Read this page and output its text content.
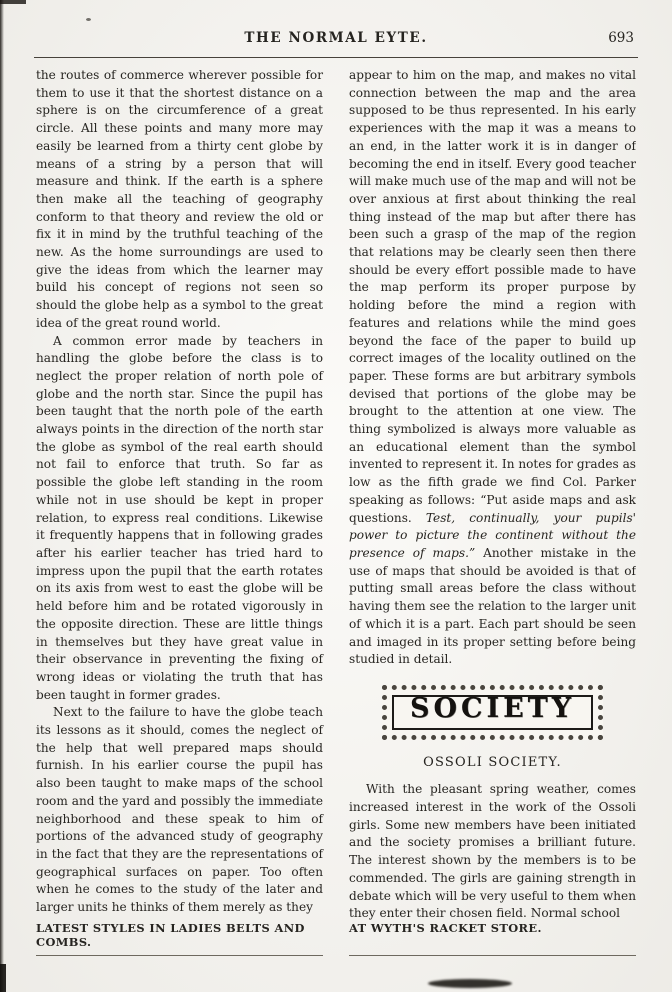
THE NORMAL EYTE.	693

the routes of commerce wherever possible for them to use it that the shortest distance on a sphere is on the circumference of a great circle. All these points and many more may easily be learned from a thirty cent globe by means of a string by a person that will measure and think. If the earth is a sphere then make all the teaching of geography conform to that theory and review the old or fix it in mind by the truthful teaching of the new. As the home surroundings are used to give the ideas from which the learner may build his concept of regions not seen so should the globe help as a symbol to the great idea of the great round world.

A common error made by teachers in handling the globe before the class is to neglect the proper relation of north pole of globe and the north star. Since the pupil has been taught that the north pole of the earth always points in the direction of the north star the globe as symbol of the real earth should not fail to enforce that truth. So far as possible the globe left standing in the room while not in use should be kept in proper relation, to express real conditions. Likewise it frequently happens that in following grades after his earlier teacher has tried hard to impress upon the pupil that the earth rotates on its axis from west to east the globe will be held before him and be rotated vigorously in the opposite direction. These are little things in themselves but they have great value in their observance in preventing the fixing of wrong ideas or violating the truth that has been taught in former grades.

Next to the failure to have the globe teach its lessons as it should, comes the neglect of the help that well prepared maps should furnish. In his earlier course the pupil has also been taught to make maps of the school room and the yard and possibly the immediate neighborhood and these speak to him of portions of the advanced study of geography in the fact that they are the representations of geographical surfaces on paper. Too often when he comes to the study of the later and larger units he thinks of them merely as they

appear to him on the map, and makes no vital connection between the map and the area supposed to be thus represented. In his early experiences with the map it was a means to an end, in the latter work it is in danger of becoming the end in itself. Every good teacher will make much use of the map and will not be over anxious at first about thinking the real thing instead of the map but after there has been such a grasp of the map of the region that relations may be clearly seen then there should be every effort possible made to have the map perform its proper purpose by holding before the mind a region with features and relations while the mind goes beyond the face of the paper to build up correct images of the locality outlined on the paper. These forms are but arbitrary symbols devised that portions of the globe may be brought to the attention at one view. The thing symbolized is always more valuable as an educational element than the symbol invented to represent it. In notes for grades as low as the fifth grade we find Col. Parker speaking as follows: “Put aside maps and ask questions. Test, continually, your pupils' power to picture the continent without the presence of maps.” Another mistake in the use of maps that should be avoided is that of putting small areas before the class without having them see the relation to the larger unit of which it is a part. Each part should be seen and imaged in its proper setting before being studied in detail.

SOCIETY

OSSOLI SOCIETY.

With the pleasant spring weather, comes increased interest in the work of the Ossoli girls. Some new members have been initiated and the society promises a brilliant future. The interest shown by the members is to be commended. The girls are gaining strength in debate which will be very useful to them when they enter their chosen field. Normal school

LATEST STYLES IN LADIES BELTS AND COMBS.
AT WYTH'S RACKET STORE.
